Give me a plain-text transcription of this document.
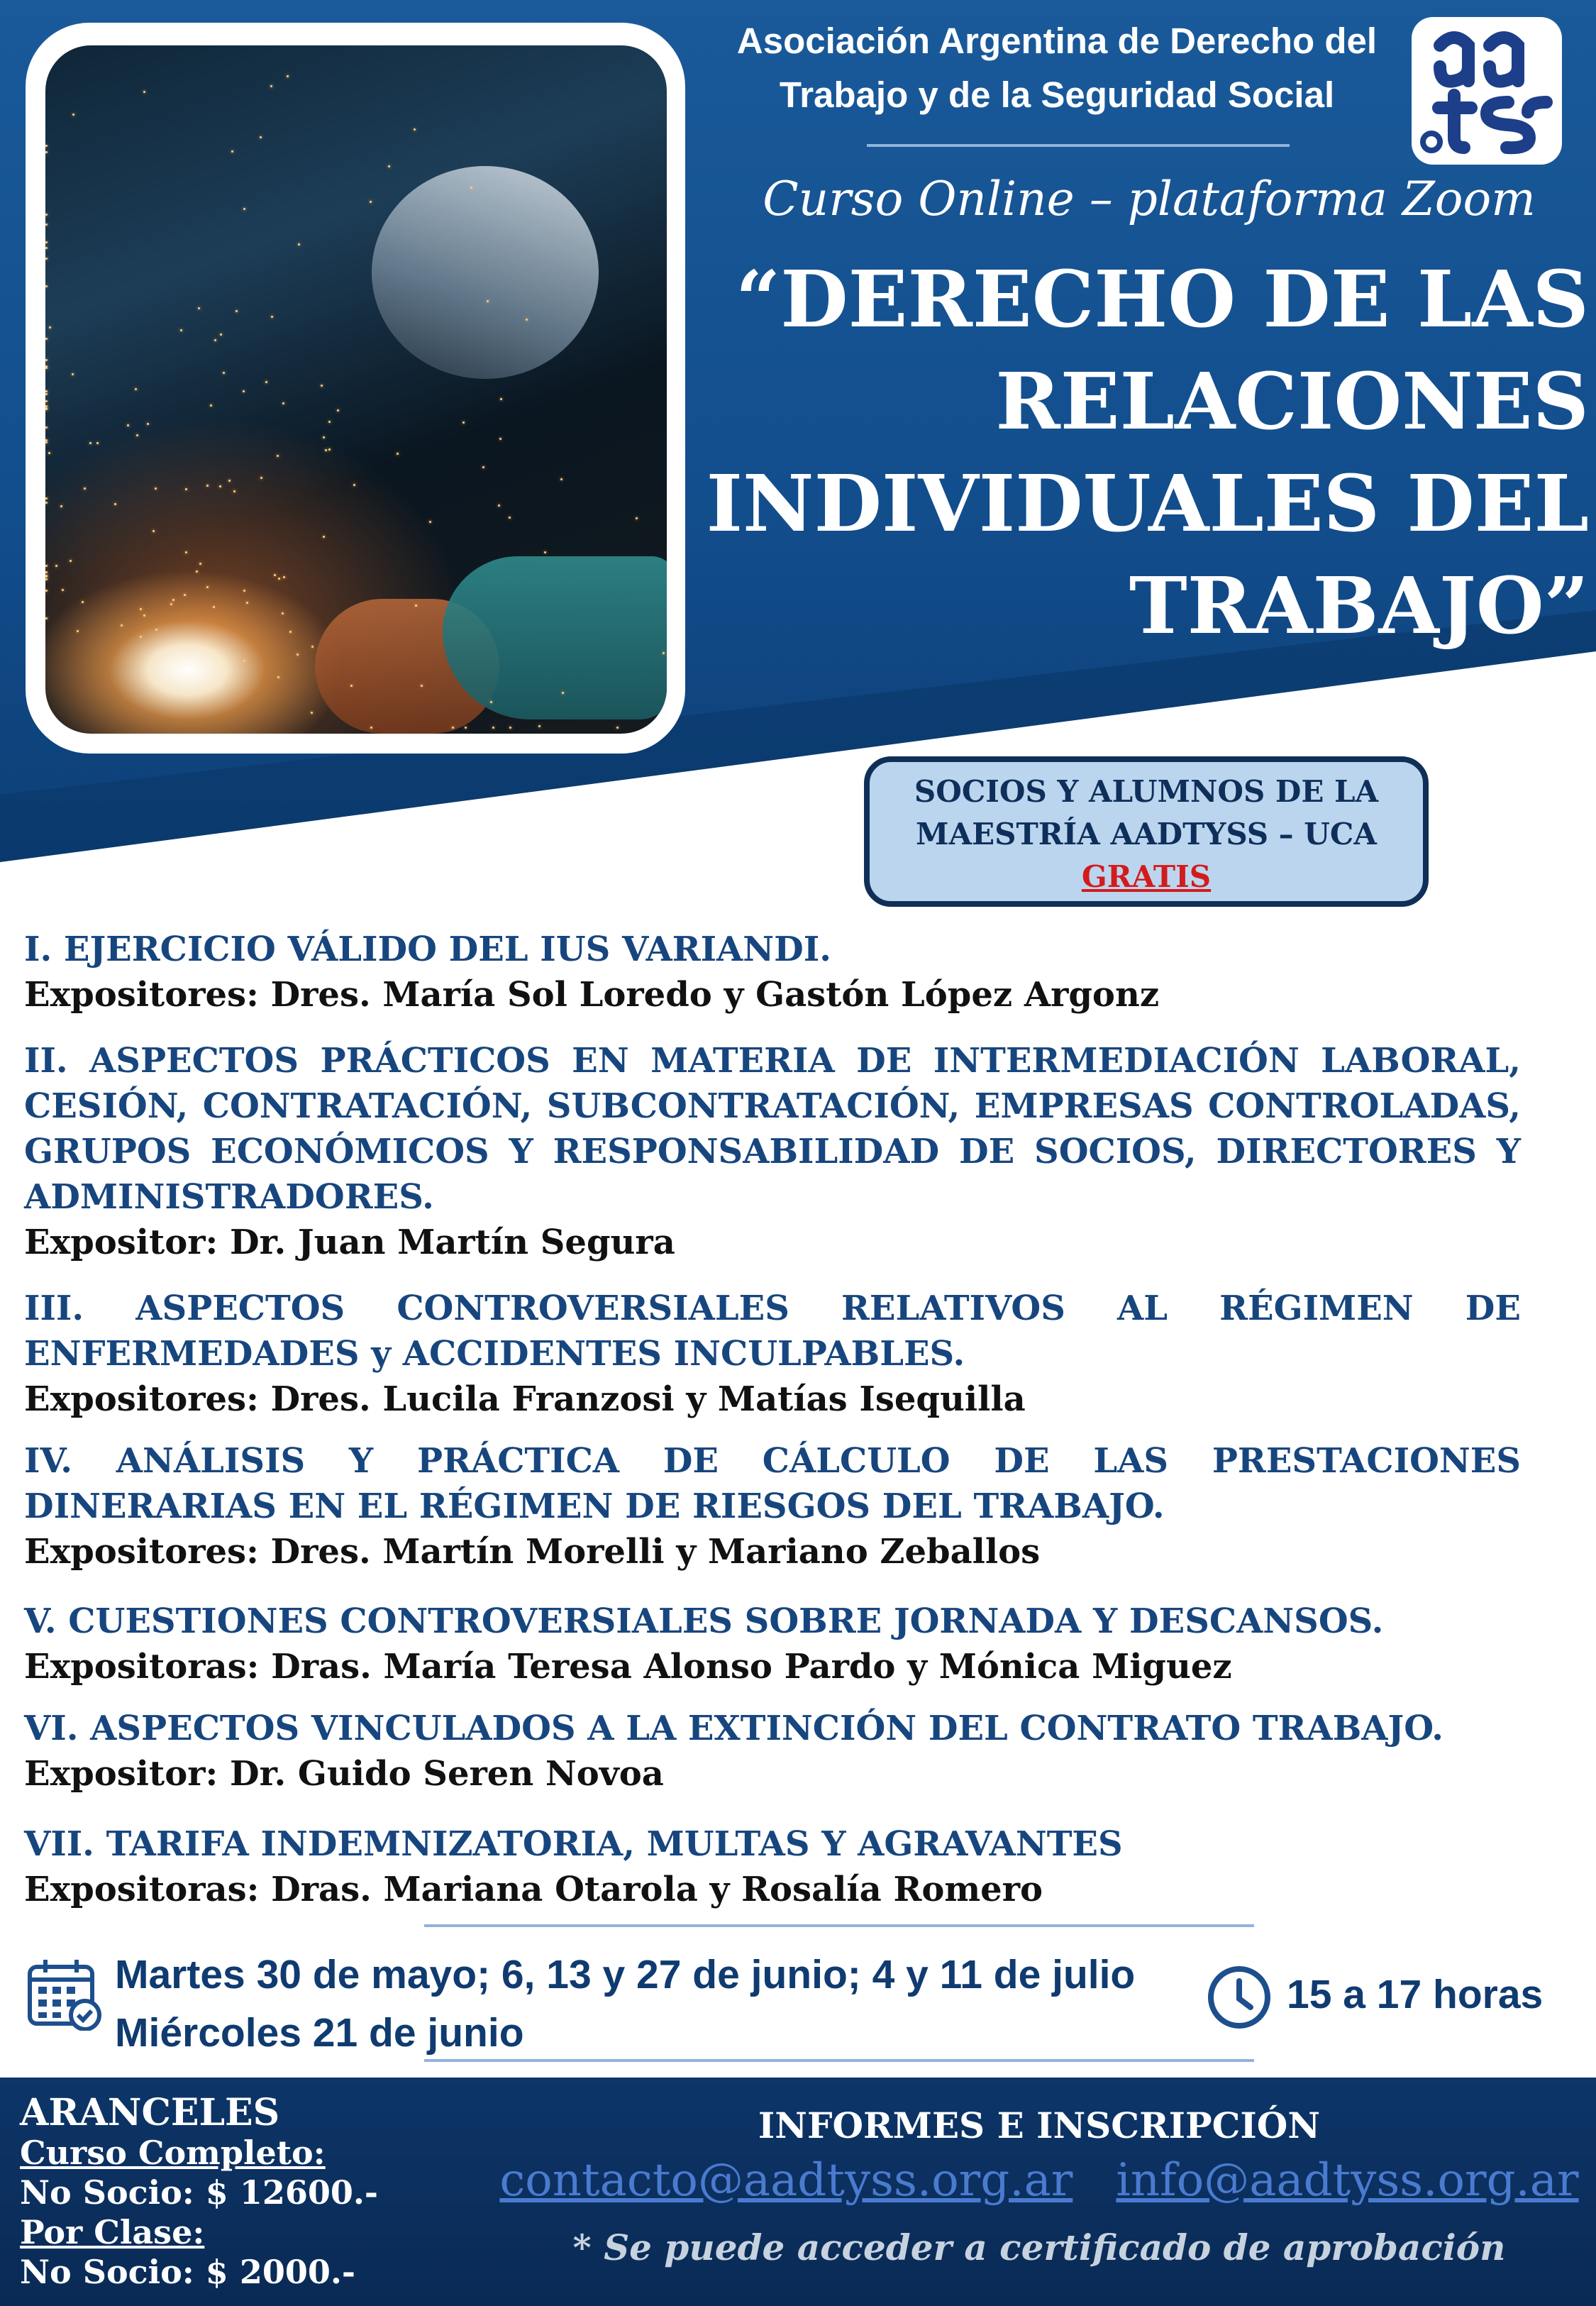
Asociación Argentina de Derecho del
Trabajo y de la Seguridad Social
Curso Online – plataforma Zoom
“DERECHO DE LAS
RELACIONES
INDIVIDUALES DEL
TRABAJO”
SOCIOS Y ALUMNOS DE LA
MAESTRÍA AADTYSS – UCA
GRATIS
I. EJERCICIO VÁLIDO DEL IUS VARIANDI.
Expositores: Dres. María Sol Loredo y Gastón López Argonz
II. ASPECTOS PRÁCTICOS EN MATERIA DE INTERMEDIACIÓN LABORAL, CESIÓN, CONTRATACIÓN, SUBCONTRATACIÓN, EMPRESAS CONTROLADAS, GRUPOS ECONÓMICOS Y RESPONSABILIDAD DE SOCIOS, DIRECTORES Y ADMINISTRADORES.
Expositor: Dr. Juan Martín Segura
III. ASPECTOS CONTROVERSIALES RELATIVOS AL RÉGIMEN DE ENFERMEDADES y ACCIDENTES INCULPABLES.
Expositores: Dres. Lucila Franzosi y Matías Isequilla
IV. ANÁLISIS Y PRÁCTICA DE CÁLCULO DE LAS PRESTACIONES DINERARIAS EN EL RÉGIMEN DE RIESGOS DEL TRABAJO.
Expositores: Dres. Martín Morelli y Mariano Zeballos
V. CUESTIONES CONTROVERSIALES SOBRE JORNADA Y DESCANSOS.
Expositoras: Dras. María Teresa Alonso Pardo y Mónica Miguez
VI. ASPECTOS VINCULADOS A LA EXTINCIÓN DEL CONTRATO TRABAJO.
Expositor: Dr. Guido Seren Novoa
VII. TARIFA INDEMNIZATORIA, MULTAS Y AGRAVANTES
Expositoras: Dras. Mariana Otarola y Rosalía Romero
Martes 30 de mayo; 6, 13 y 27 de junio; 4 y 11 de julio
Miércoles 21 de junio
15 a 17 horas
ARANCELES
Curso Completo:
No Socio: $ 12600.-
Por Clase:
No Socio: $ 2000.-
INFORMES E INSCRIPCIÓN
contacto@aadtyss.org.ar info@aadtyss.org.ar
* Se puede acceder a certificado de aprobación
